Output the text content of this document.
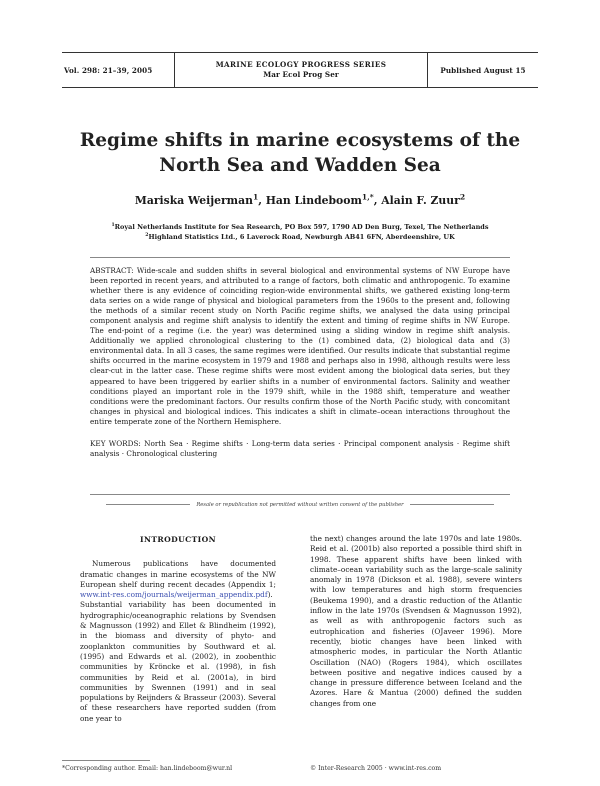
Vol. 298: 21–39, 2005
MARINE ECOLOGY PROGRESS SERIES
Mar Ecol Prog Ser	Published August 15
Regime shifts in marine ecosystems of the
North Sea and Wadden Sea
Mariska Weijerman$^1$, Han Lindeboom$^{1,*}$, Alain F. Zuur$^2$
$^1$Royal Netherlands Institute for Sea Research, PO Box 597, 1790 AD Den Burg, Texel, The Netherlands
$^2$Highland Statistics Ltd., 6 Laverock Road, Newburgh AB41 6FN, Aberdeenshire, UK

ABSTRACT: Wide-scale and sudden shifts in several biological and environmental systems of NW Europe have been reported in recent years, and attributed to a range of factors, both climatic and anthropogenic. To examine whether there is any evidence of coinciding region-wide environmental shifts, we gathered existing long-term data series on a wide range of physical and biological parameters from the 1960s to the present and, following the methods of a similar recent study on North Pacific regime shifts, we analysed the data using principal component analysis and regime shift analysis to identify the extent and timing of regime shifts in NW Europe. The end-point of a regime (i.e. the year) was determined using a sliding window in regime shift analysis. Additionally we applied chronological clustering to the (1) combined data, (2) biological data and (3) environmental data. In all 3 cases, the same regimes were identified. Our results indicate that substantial regime shifts occurred in the marine ecosystem in 1979 and 1988 and perhaps also in 1998, although results were less clear-cut in the latter case. These regime shifts were most evident among the biological data series, but they appeared to have been triggered by earlier shifts in a number of environmental factors. Salinity and weather conditions played an important role in the 1979 shift, while in the 1988 shift, temperature and weather conditions were the predominant factors. Our results confirm those of the North Pacific study, with concomitant changes in physical and biological indices. This indicates a shift in climate–ocean interactions throughout the entire temperate zone of the Northern Hemisphere.

KEY WORDS: North Sea · Regime shifts · Long-term data series · Principal component analysis · Regime shift analysis · Chronological clustering

Resale or republication not permitted without written consent of the publisher
INTRODUCTION

Numerous publications have documented dramatic changes in marine ecosystems of the NW European shelf during recent decades (Appendix 1; www.int-res.com/journals/weijerman_appendix.pdf). Substantial variability has been documented in hydrographic/oceanographic relations by Svendsen & Magnusson (1992) and Ellet & Blindheim (1992), in the biomass and diversity of phyto- and zooplankton communities by Southward et al. (1995) and Edwards et al. (2002), in zoobenthic communities by Kröncke et al. (1998), in fish communities by Reid et al. (2001a), in bird communities by Swennen (1991) and in seal populations by Reijnders & Brasseur (2003). Several of these researchers have reported sudden (from one year to

the next) changes around the late 1970s and late 1980s. Reid et al. (2001b) also reported a possible third shift in 1998. These apparent shifts have been linked with climate–ocean variability such as the large-scale salinity anomaly in 1978 (Dickson et al. 1988), severe winters with low temperatures and high storm frequencies (Beukema 1990), and a drastic reduction of the Atlantic inflow in the late 1970s (Svendsen & Magnusson 1992), as well as with anthropogenic factors such as eutrophication and fisheries (OJaveer 1996). More recently, biotic changes have been linked with atmospheric modes, in particular the North Atlantic Oscillation (NAO) (Rogers 1984), which oscillates between positive and negative indices caused by a change in pressure difference between Iceland and the Azores. Hare & Mantua (2000) defined the sudden changes from one

*Corresponding author. Email: han.lindeboom@wur.nl	© Inter-Research 2005 · www.int-res.com
